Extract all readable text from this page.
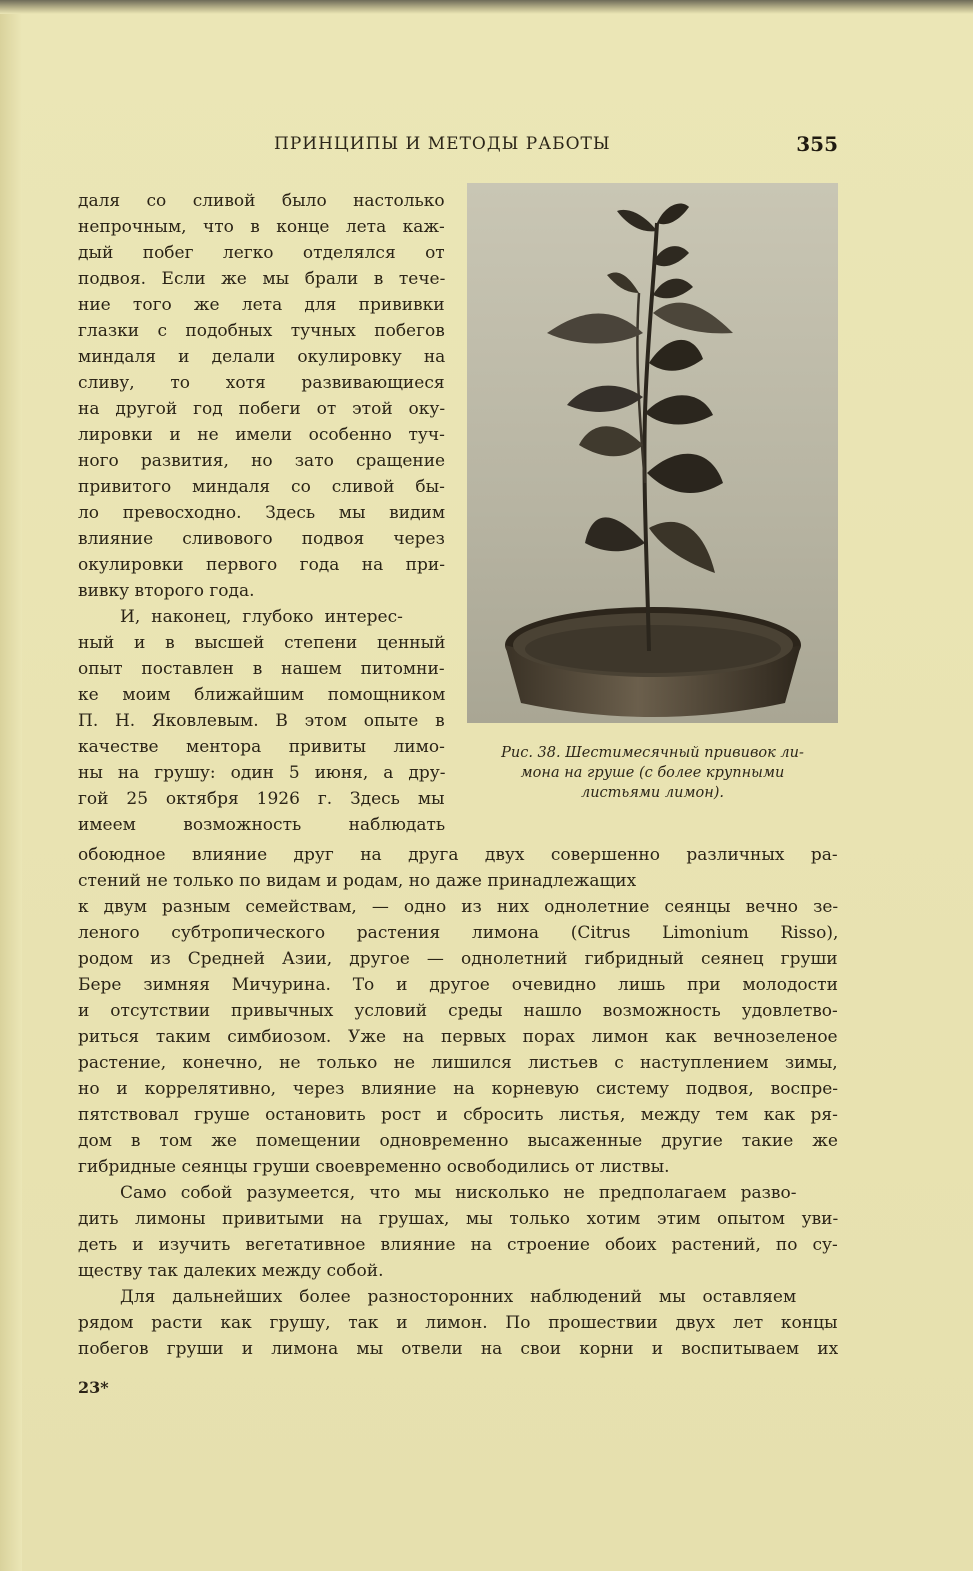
ПРИНЦИПЫ И МЕТОДЫ РАБОТЫ	355
даля со сливой было настолько
непрочным, что в конце лета каж-
дый побег легко отделялся от
подвоя. Если же мы брали в тече-
ние того же лета для прививки
глазки с подобных тучных побегов
миндаля и делали окулировку на
сливу, то хотя развивающиеся
на другой год побеги от этой оку-
лировки и не имели особенно туч-
ного развития, но зато сращение
привитого миндаля со сливой бы-
ло превосходно. Здесь мы видим
влияние сливового подвоя через
окулировки первого года на при-
вивку второго года.
И, наконец, глубоко интерес-
ный и в высшей степени ценный
опыт поставлен в нашем питомни-
ке моим ближайшим помощником
П. Н. Яковлевым. В этом опыте в
качестве ментора привиты лимо-
ны на грушу: один 5 июня, а дру-
гой 25 октября 1926 г. Здесь мы
имеем возможность наблюдать
Рис. 38. Шестимесячный прививок ли-
мона на груше (с более крупными
листьями лимон).
обоюдное влияние друг на друга двух совершенно различных ра-
стений не только по видам и родам, но даже принадлежащих
к двум разным семействам, — одно из них однолетние сеянцы вечно зе-
леного субтропического растения лимона (Citrus Limonium Risso),
родом из Средней Азии, другое — однолетний гибридный сеянец груши
Бере зимняя Мичурина. То и другое очевидно лишь при молодости
и отсутствии привычных условий среды нашло возможность удовлетво-
риться таким симбиозом. Уже на первых порах лимон как вечнозеленое
растение, конечно, не только не лишился листьев с наступлением зимы,
но и коррелятивно, через влияние на корневую систему подвоя, воспре-
пятствовал груше остановить рост и сбросить листья, между тем как ря-
дом в том же помещении одновременно высаженные другие такие же
гибридные сеянцы груши своевременно освободились от листвы.
Само собой разумеется, что мы нисколько не предполагаем разво-
дить лимоны привитыми на грушах, мы только хотим этим опытом уви-
деть и изучить вегетативное влияние на строение обоих растений, по су-
ществу так далеких между собой.
Для дальнейших более разносторонних наблюдений мы оставляем
рядом расти как грушу, так и лимон. По прошествии двух лет концы
побегов груши и лимона мы отвели на свои корни и воспитываем их
23*
